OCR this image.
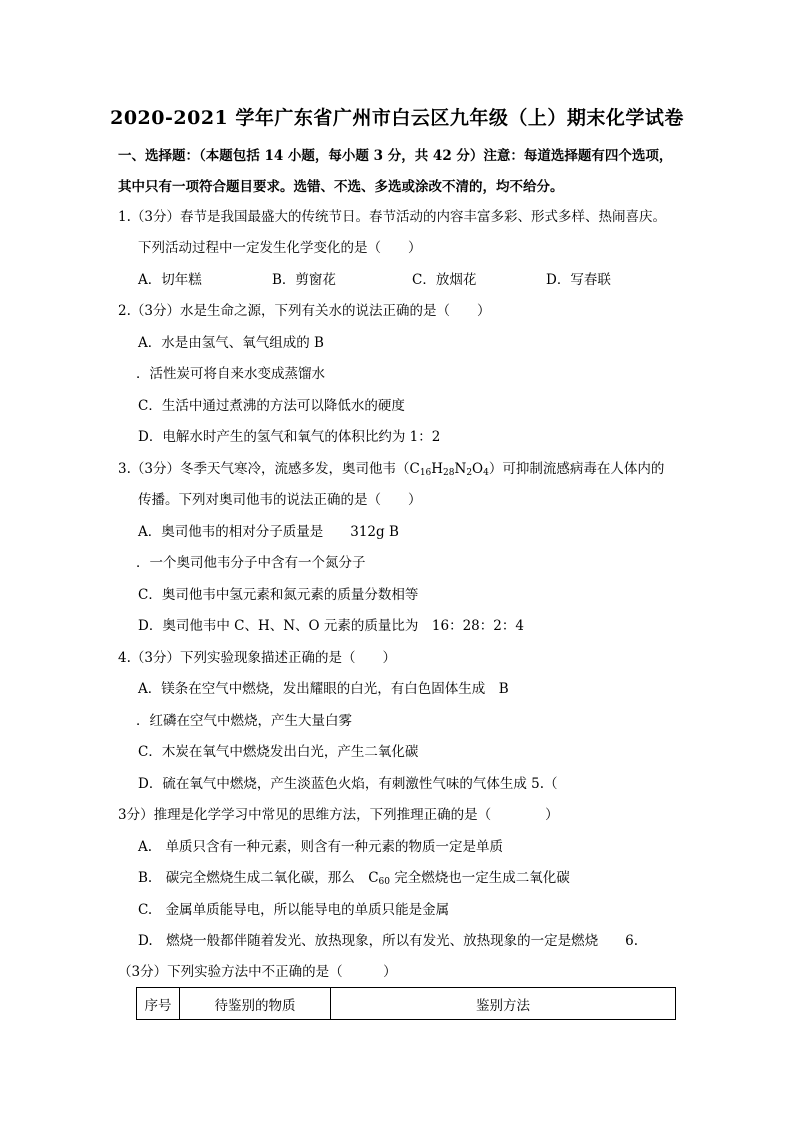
2020-2021 学年广东省广州市白云区九年级（上）期末化学试卷
一、选择题：（本题包括 14 小题，每小题 3 分，共 42 分）注意：每道选择题有四个选项，
其中只有一项符合题目要求。选错、不选、多选或涂改不清的，均不给分。
1.（3分）春节是我国最盛大的传统节日。春节活动的内容丰富多彩、形式多样、热闹喜庆。
下列活动过程中一定发生化学变化的是（　　）
A．切年糕	B．剪窗花	C．放烟花	D．写春联
2.（3分）水是生命之源，下列有关水的说法正确的是（　　）
A．水是由氢气、氧气组成的 B
．活性炭可将自来水变成蒸馏水
C．生活中通过煮沸的方法可以降低水的硬度
D．电解水时产生的氢气和氧气的体积比约为 1：2
3.（3分）冬季天气寒冷，流感多发，奥司他韦$(C_{16}H_{28}N_2O_4)$可抑制流感病毒在人体内的
传播。下列对奥司他韦的说法正确的是（　　）
A．奥司他韦的相对分子质量是　　312g B
．一个奥司他韦分子中含有一个氮分子
C．奥司他韦中氢元素和氮元素的质量分数相等
D．奥司他韦中 C、H、N、O 元素的质量比为　16：28：2：4
4.（3分）下列实验现象描述正确的是（　　）
A．镁条在空气中燃烧，发出耀眼的白光，有白色固体生成　B
．红磷在空气中燃烧，产生大量白雾
C．木炭在氧气中燃烧发出白光，产生二氧化碳
D．硫在氧气中燃烧，产生淡蓝色火焰，有刺激性气味的气体生成 5.（
3分）推理是化学学习中常见的思维方法，下列推理正确的是（　　　　）
A.　单质只含有一种元素，则含有一种元素的物质一定是单质
B.　碳完全燃烧生成二氧化碳，那么　$C_{60}$ 完全燃烧也一定生成二氧化碳
C.　金属单质能导电，所以能导电的单质只能是金属
D.　燃烧一般都伴随着发光、放热现象，所以有发光、放热现象的一定是燃烧　　6.
（3分）下列实验方法中不正确的是（　　　）
序号	待鉴别的物质	鉴别方法
